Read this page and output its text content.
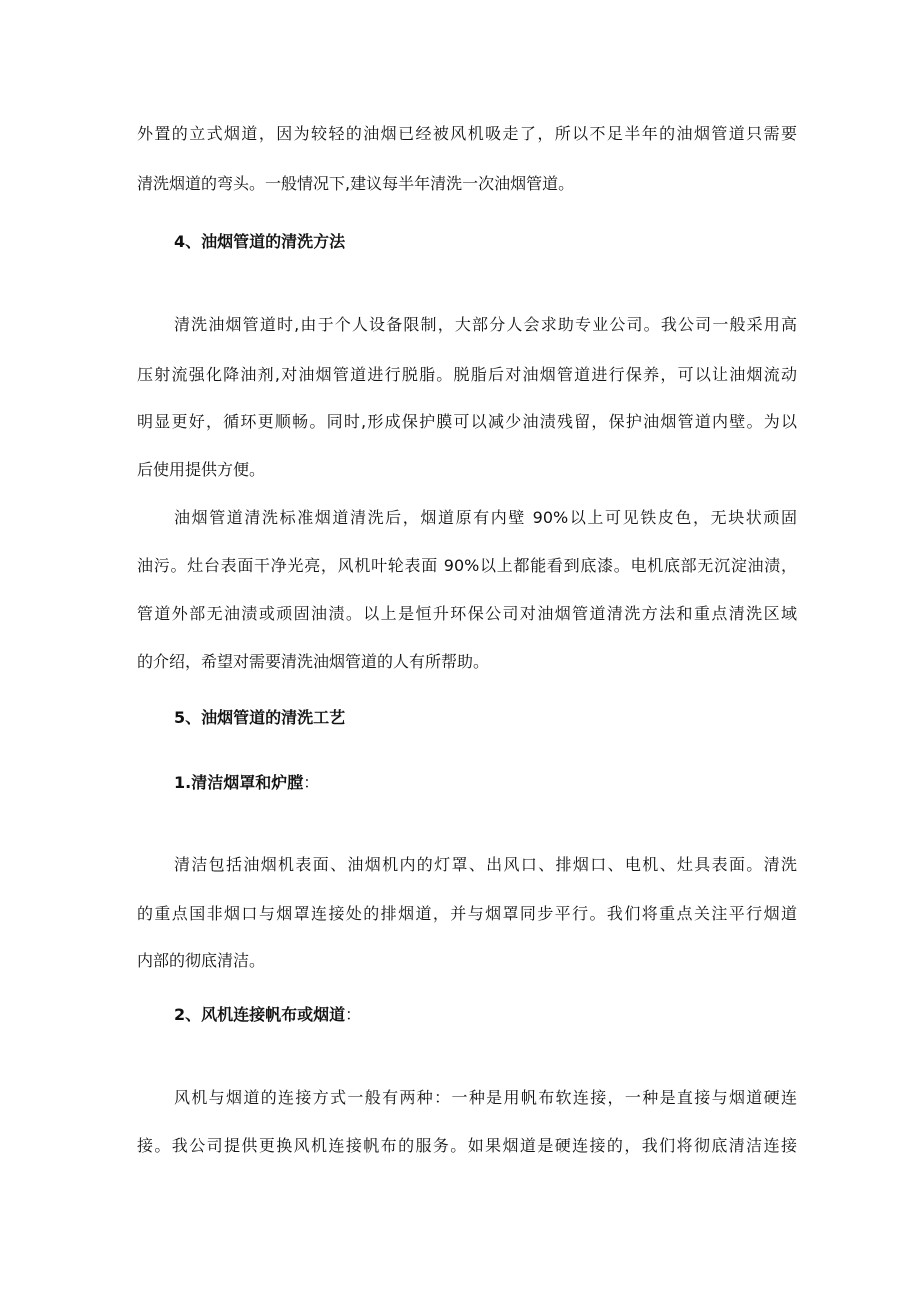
外置的立式烟道，因为较轻的油烟已经被风机吸走了，所以不足半年的油烟管道只需要
清洗烟道的弯头。一般情况下,建议每半年清洗一次油烟管道。
4、油烟管道的清洗方法
清洗油烟管道时,由于个人设备限制，大部分人会求助专业公司。我公司一般采用高
压射流强化降油剂,对油烟管道进行脱脂。脱脂后对油烟管道进行保养，可以让油烟流动
明显更好，循环更顺畅。同时,形成保护膜可以减少油渍残留，保护油烟管道内壁。为以
后使用提供方便。
油烟管道清洗标准烟道清洗后，烟道原有内壁 90%以上可见铁皮色，无块状顽固
油污。灶台表面干净光亮，风机叶轮表面 90%以上都能看到底漆。电机底部无沉淀油渍，
管道外部无油渍或顽固油渍。以上是恒升环保公司对油烟管道清洗方法和重点清洗区域
的介绍，希望对需要清洗油烟管道的人有所帮助。
5、油烟管道的清洗工艺
1.清洁烟罩和炉膛：
清洁包括油烟机表面、油烟机内的灯罩、出风口、排烟口、电机、灶具表面。清洗
的重点国非烟口与烟罩连接处的排烟道，并与烟罩同步平行。我们将重点关注平行烟道
内部的彻底清洁。
2、风机连接帆布或烟道：
风机与烟道的连接方式一般有两种：一种是用帆布软连接，一种是直接与烟道硬连
接。我公司提供更换风机连接帆布的服务。如果烟道是硬连接的，我们将彻底清洁连接
